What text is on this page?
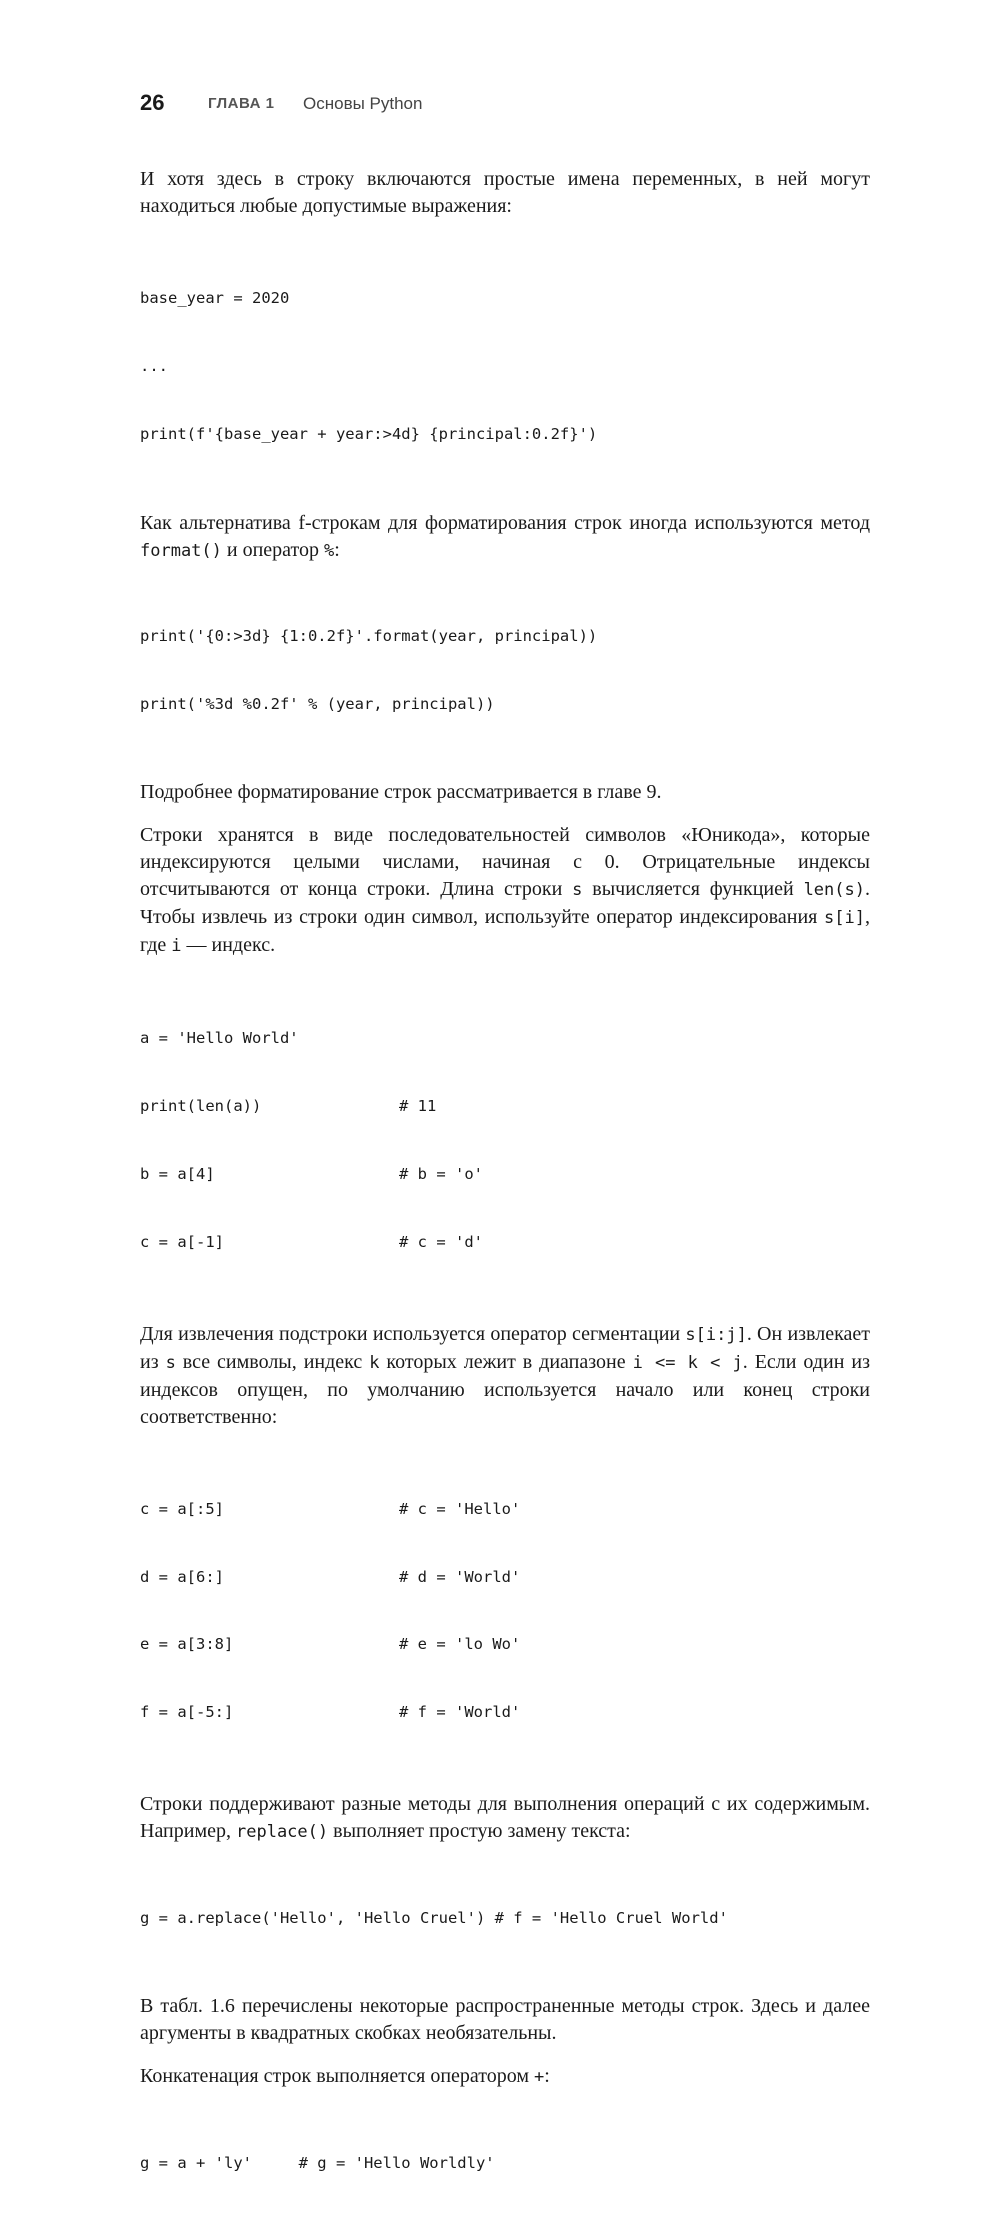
26	ГЛАВА 1 Основы Python

И хотя здесь в строку включаются простые имена переменных, в ней могут находиться любые допустимые выражения:

base_year = 2020

...

print(f'{base_year + year:>4d} {principal:0.2f}')

Как альтернатива f-строкам для форматирования строк иногда используются метод format() и оператор %:

print('{0:>3d} {1:0.2f}'.format(year, principal))

print('%3d %0.2f' % (year, principal))

Подробнее форматирование строк рассматривается в главе 9.

Строки хранятся в виде последовательностей символов «Юникода», которые индексируются целыми числами, начиная с 0. Отрицательные индексы отсчитываются от конца строки. Длина строки s вычисляется функцией len(s). Чтобы извлечь из строки один символ, используйте оператор индексирования s[i], где i — индекс.

a = 'Hello World'

print(len(a))	# 11

b = a[4]	# b = 'o'

c = a[-1]	# c = 'd'

Для извлечения подстроки используется оператор сегментации s[i:j]. Он извлекает из s все символы, индекс k которых лежит в диапазоне i <= k < j. Если один из индексов опущен, по умолчанию используется начало или конец строки соответственно:

c = a[:5]	# c = 'Hello'

d = a[6:]	# d = 'World'

e = a[3:8]	# e = 'lo Wo'

f = a[-5:]	# f = 'World'

Строки поддерживают разные методы для выполнения операций с их содержимым. Например, replace() выполняет простую замену текста:

g = a.replace('Hello', 'Hello Cruel') # f = 'Hello Cruel World'

В табл. 1.6 перечислены некоторые распространенные методы строк. Здесь и далее аргументы в квадратных скобках необязательны.

Конкатенация строк выполняется оператором +:

g = a + 'ly'     # g = 'Hello Worldly'
